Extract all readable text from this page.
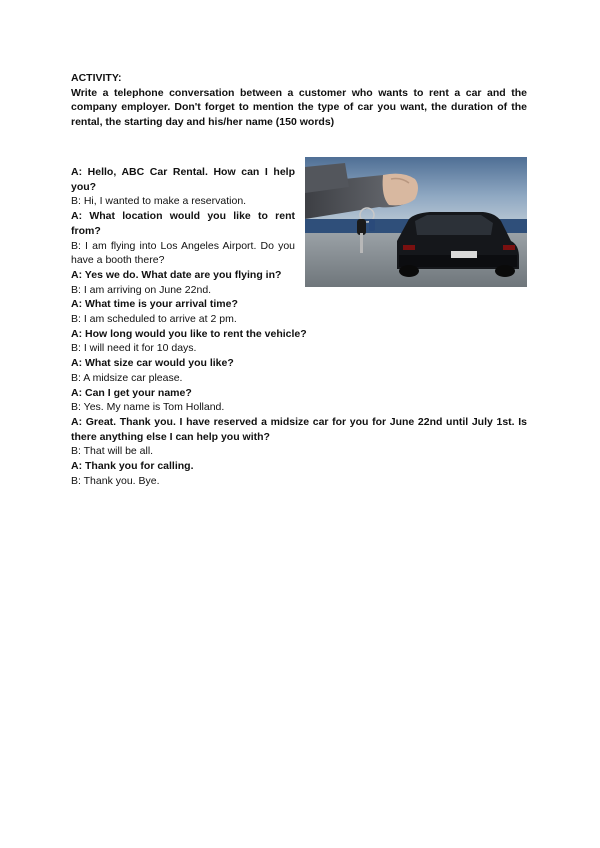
ACTIVITY:
Write a telephone conversation between a customer who wants to rent a car and the company employer. Don't forget to mention the type of car you want, the duration of the rental, the starting day and his/her name (150 words)

A: Hello, ABC Car Rental. How can I help you?

B: Hi, I wanted to make a reservation.

A: What location would you like to rent from?

B: I am flying into Los Angeles Airport. Do you have a booth there?

A: Yes we do. What date are you flying in?

B: I am arriving on June 22nd.

A: What time is your arrival time?

B: I am scheduled to arrive at 2 pm.

A: How long would you like to rent the vehicle?

B: I will need it for 10 days.

A: What size car would you like?

B: A midsize car please.

A: Can I get your name?

B: Yes. My name is Tom Holland.

A: Great. Thank you. I have reserved a midsize car for you for June 22nd until July 1st. Is there anything else I can help you with?

B: That will be all.

A: Thank you for calling.

B: Thank you. Bye.
